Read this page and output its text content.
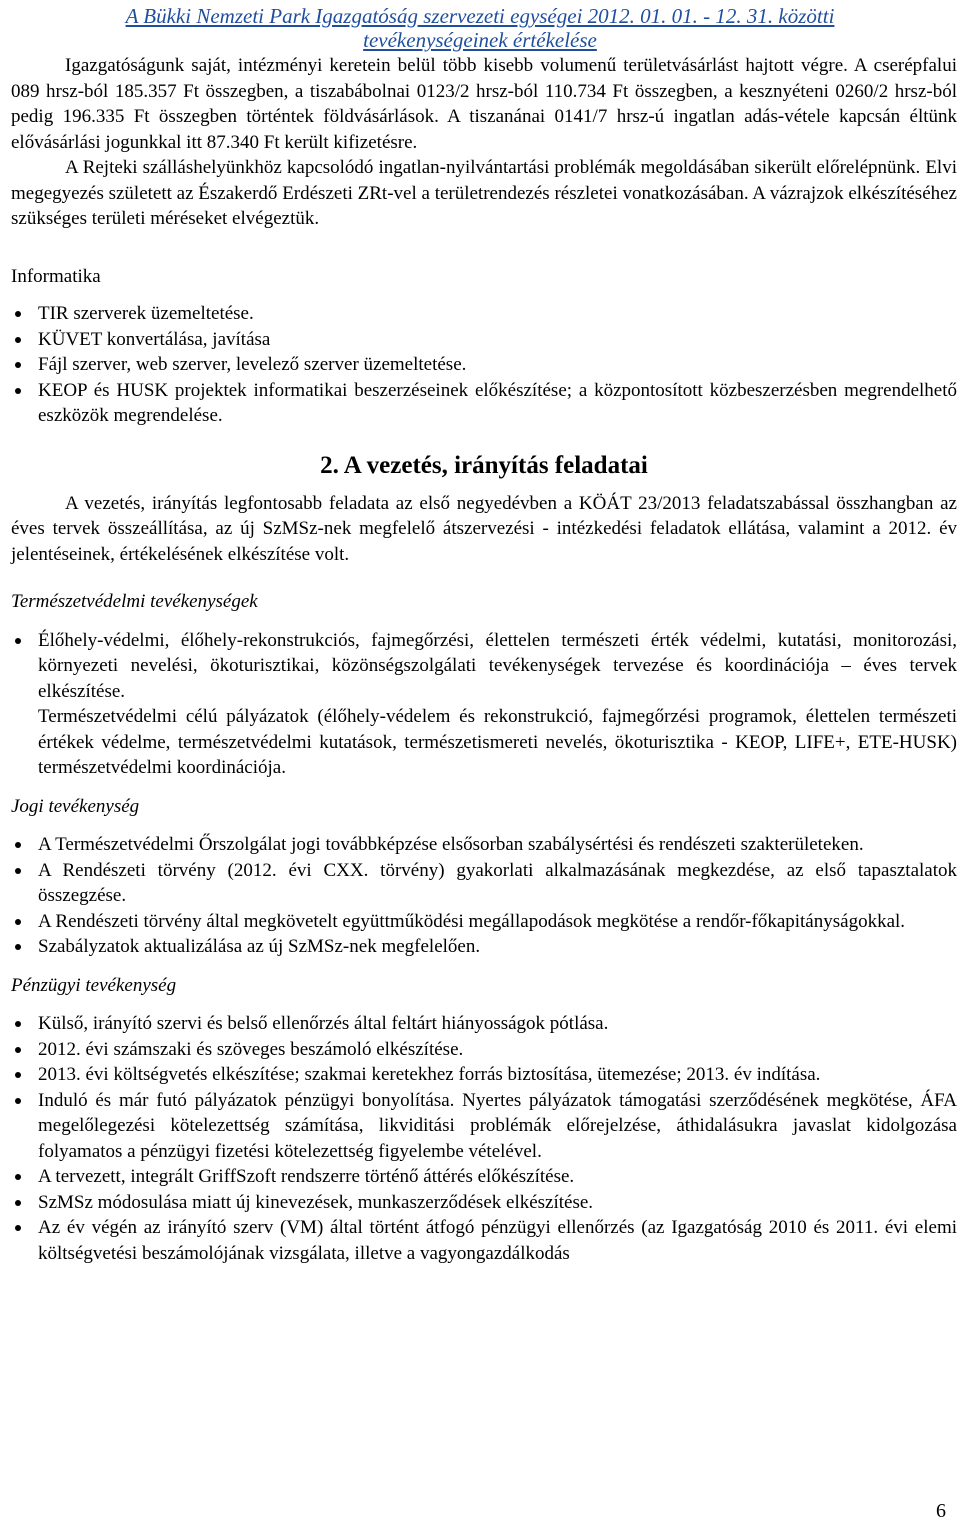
A Bükki Nemzeti Park Igazgatóság szervezeti egységei 2012. 01. 01. - 12. 31. közötti
tevékenységeinek értékelése

Igazgatóságunk saját, intézményi keretein belül több kisebb volumenű területvásárlást hajtott végre. A cserépfalui 089 hrsz-ból 185.357 Ft összegben, a tiszabábolnai 0123/2 hrsz-ból 110.734 Ft összegben, a kesznyéteni 0260/2 hrsz-ból pedig 196.335 Ft összegben történtek földvásárlások. A tiszanánai 0141/7 hrsz-ú ingatlan adás-vétele kapcsán éltünk elővásárlási jogunkkal itt 87.340 Ft került kifizetésre.

A Rejteki szálláshelyünkhöz kapcsolódó ingatlan-nyilvántartási problémák megoldásában sikerült előrelépnünk. Elvi megegyezés született az Északerdő Erdészeti ZRt-vel a területrendezés részletei vonatkozásában. A vázrajzok elkészítéséhez szükséges területi méréseket elvégeztük.

Informatika

TIR szerverek üzemeltetése.
KÜVET konvertálása, javítása
Fájl szerver, web szerver, levelező szerver üzemeltetése.
KEOP és HUSK projektek informatikai beszerzéseinek előkészítése; a központosított közbeszerzésben megrendelhető eszközök megrendelése.

2. A vezetés, irányítás feladatai

A vezetés, irányítás legfontosabb feladata az első negyedévben a KÖÁT 23/2013 feladatszabással összhangban az éves tervek összeállítása, az új SzMSz-nek megfelelő átszervezési - intézkedési feladatok ellátása, valamint a 2012. év jelentéseinek, értékelésének elkészítése volt.

Természetvédelmi tevékenységek

Élőhely-védelmi, élőhely-rekonstrukciós, fajmegőrzési, élettelen természeti érték védelmi, kutatási, monitorozási, környezeti nevelési, ökoturisztikai, közönségszolgálati tevékenységek tervezése és koordinációja – éves tervek elkészítése.

Természetvédelmi célú pályázatok (élőhely-védelem és rekonstrukció, fajmegőrzési programok, élettelen természeti értékek védelme, természetvédelmi kutatások, természetismereti nevelés, ökoturisztika - KEOP, LIFE+, ETE-HUSK) természetvédelmi koordinációja.

Jogi tevékenység

A Természetvédelmi Őrszolgálat jogi továbbképzése elsősorban szabálysértési és rendészeti szakterületeken.
A Rendészeti törvény (2012. évi CXX. törvény) gyakorlati alkalmazásának megkezdése, az első tapasztalatok összegzése.
A Rendészeti törvény által megkövetelt együttműködési megállapodások megkötése a rendőr-főkapitányságokkal.
Szabályzatok aktualizálása az új SzMSz-nek megfelelően.

Pénzügyi tevékenység

Külső, irányító szervi és belső ellenőrzés által feltárt hiányosságok pótlása.
2012. évi számszaki és szöveges beszámoló elkészítése.
2013. évi költségvetés elkészítése; szakmai keretekhez forrás biztosítása, ütemezése; 2013. év indítása.
Induló és már futó pályázatok pénzügyi bonyolítása. Nyertes pályázatok támogatási szerződésének megkötése, ÁFA megelőlegezési kötelezettség számítása, likviditási problémák előrejelzése, áthidalásukra javaslat kidolgozása folyamatos a pénzügyi fizetési kötelezettség figyelembe vételével.
A tervezett, integrált GriffSzoft rendszerre történő áttérés előkészítése.
SzMSz módosulása miatt új kinevezések, munkaszerződések elkészítése.
Az év végén az irányító szerv (VM) által történt átfogó pénzügyi ellenőrzés (az Igazgatóság 2010 és 2011. évi elemi költségvetési beszámolójának vizsgálata, illetve a vagyongazdálkodás
6
